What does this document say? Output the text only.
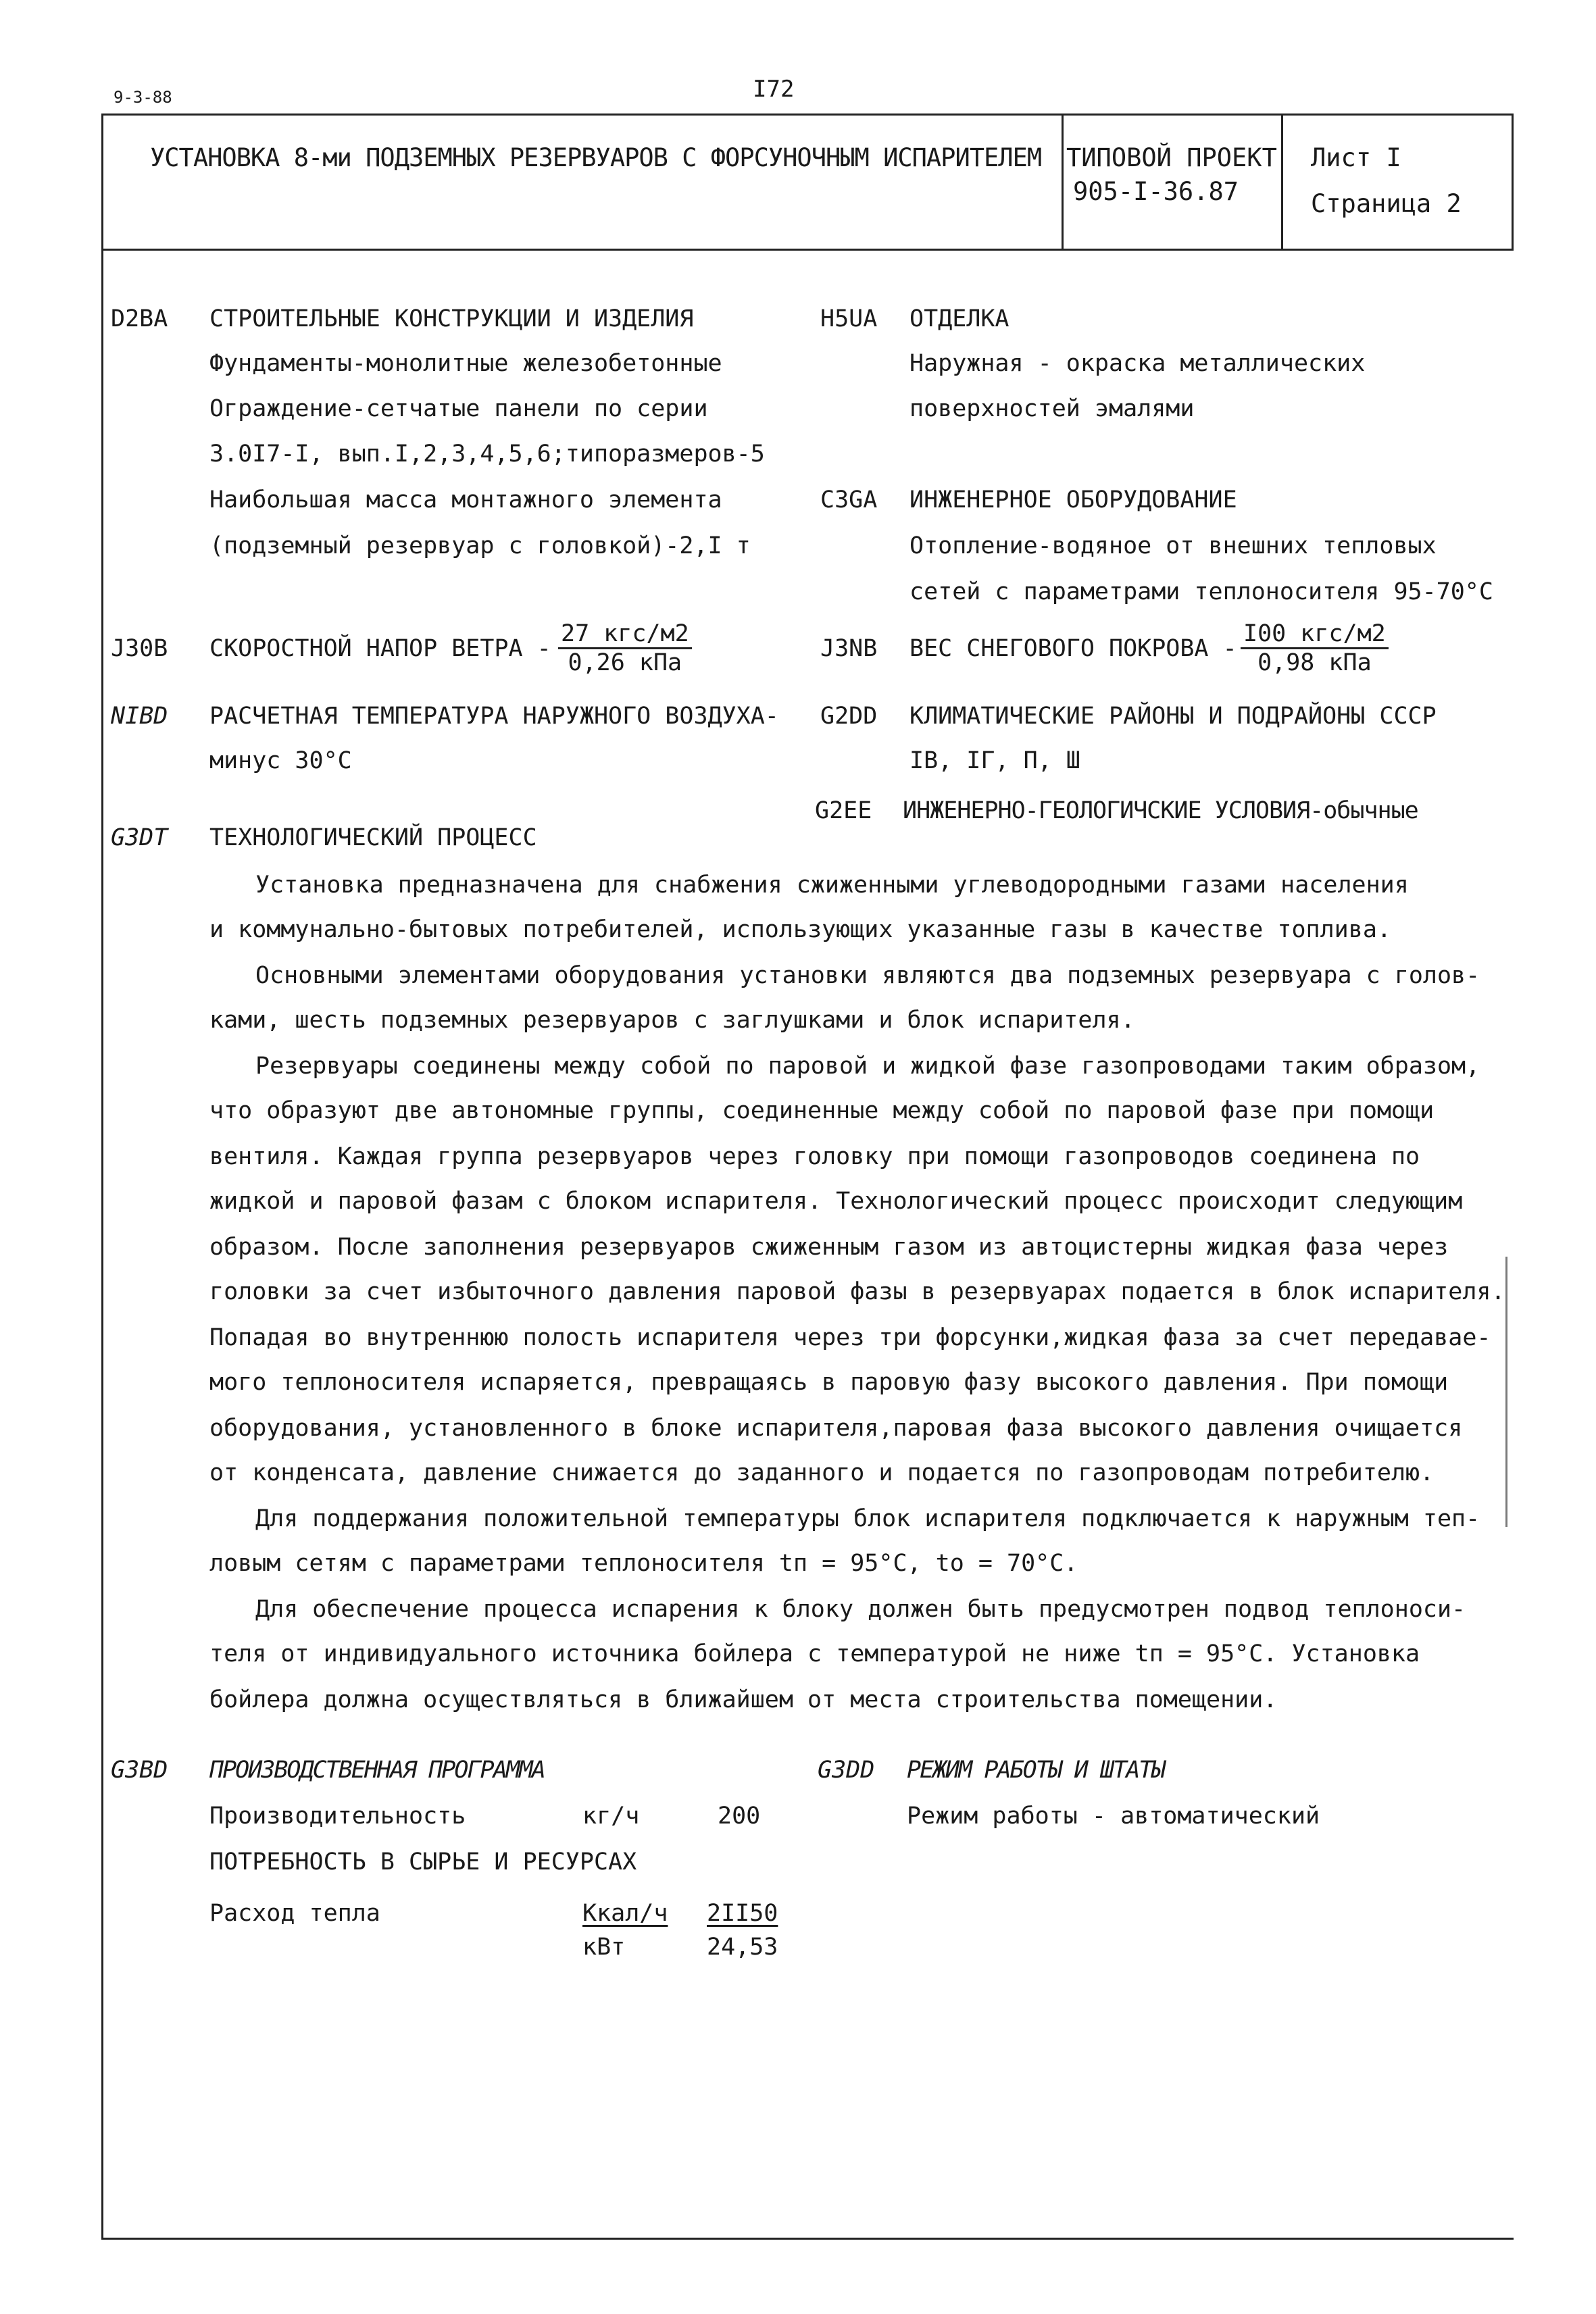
9-3-88	I72
УСТАНОВКА 8-ми ПОДЗЕМНЫХ РЕЗЕРВУАРОВ С ФОРСУНОЧНЫМ ИСПАРИТЕЛЕМ ТИПОВОЙ ПРОЕКТ
905-I-36.87
Лист I
Страница 2
D2BA СТРОИТЕЛЬНЫЕ КОНСТРУКЦИИ И ИЗДЕЛИЯ
Фундаменты-монолитные железобетонные
Ограждение-сетчатые панели по серии
3.0I7-I, вып.I,2,3,4,5,6;типоразмеров-5
Наибольшая масса монтажного элемента
(подземный резервуар с головкой)-2,I т
J30B СКОРОСТНОЙ НАПОР ВЕТРА -
27 кгс/м2
0,26 кПа
NIBD РАСЧЕТНАЯ ТЕМПЕРАТУРА НАРУЖНОГО ВОЗДУХА-
минус 30°С
H5UA ОТДЕЛКА
Наружная - окраска металлических
поверхностей эмалями
C3GA ИНЖЕНЕРНОЕ ОБОРУДОВАНИЕ
Отопление-водяное от внешних тепловых
сетей с параметрами теплоносителя 95-70°С
J3NB ВЕС СНЕГОВОГО ПОКРОВА -
I00 кгс/м2
0,98 кПа
G2DD КЛИМАТИЧЕСКИЕ РАЙОНЫ И ПОДРАЙОНЫ СССР
IВ, IГ, П, Ш
G2EE ИНЖЕНЕРНО-ГЕОЛОГИЧСКИЕ УСЛОВИЯ-обычные
G3DT ТЕХНОЛОГИЧЕСКИЙ ПРОЦЕСС
Установка предназначена для снабжения сжиженными углеводородными газами населения
и коммунально-бытовых потребителей, использующих указанные газы в качестве топлива.
Основными элементами оборудования установки являются два подземных резервуара с голов-
ками, шесть подземных резервуаров с заглушками и блок испарителя.
Резервуары соединены между собой по паровой и жидкой фазе газопроводами таким образом,
что образуют две автономные группы, соединенные между собой по паровой фазе при помощи
вентиля. Каждая группа резервуаров через головку при помощи газопроводов соединена по
жидкой и паровой фазам с блоком испарителя. Технологический процесс происходит следующим
образом. После заполнения резервуаров сжиженным газом из автоцистерны жидкая фаза через
головки за счет избыточного давления паровой фазы в резервуарах подается в блок испарителя.
Попадая во внутреннюю полость испарителя через три форсунки,жидкая фаза за счет передавае-
мого теплоносителя испаряется, превращаясь в паровую фазу высокого давления. При помощи
оборудования, установленного в блоке испарителя,паровая фаза высокого давления очищается
от конденсата, давление снижается до заданного и подается по газопроводам потребителю.
Для поддержания положительной температуры блок испарителя подключается к наружным теп-
ловым сетям с параметрами теплоносителя tп = 95°С, tо = 70°С.
Для обеспечение процесса испарения к блоку должен быть предусмотрен подвод теплоноси-
теля от индивидуального источника бойлера с температурой не ниже tп = 95°С. Установка
бойлера должна осуществляться в ближайшем от места строительства помещении.
G3BD ПРОИЗВОДСТВЕННАЯ ПРОГРАММА
Производительность	кг/ч	200
ПОТРЕБНОСТЬ В СЫРЬЕ И РЕСУРСАХ
Расход тепла	Ккал/ч 2II50
кВт	24,53
G3DD РЕЖИМ РАБОТЫ И ШТАТЫ
Режим работы - автоматический
